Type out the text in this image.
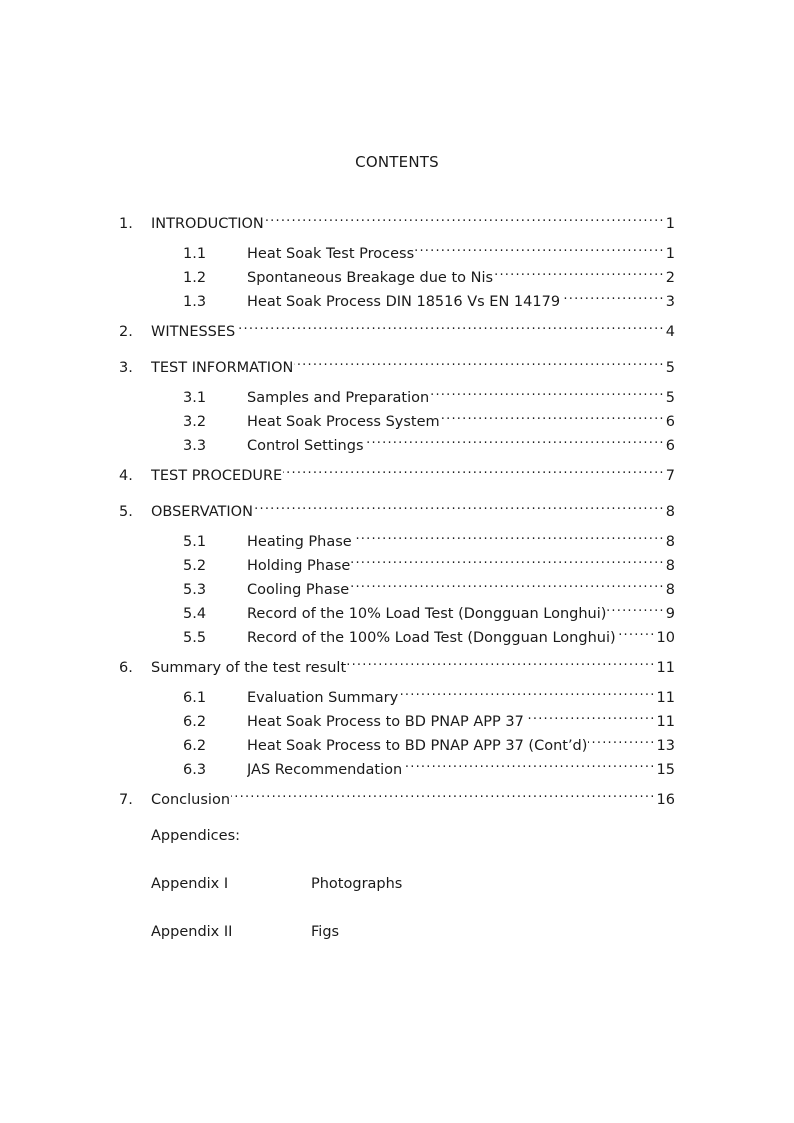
CONTENTS
1.	INTRODUCTION .....	1
1.1	Heat Soak Test Process .....	1
1.2	Spontaneous Breakage due to Nis .....	2
1.3	Heat Soak Process DIN 18516 Vs EN 14179 .....	3
2.	WITNESSES .....	4
3.	TEST INFORMATION .....	5
3.1	Samples and Preparation .....	5
3.2	Heat Soak Process System .....	6
3.3	Control Settings .....	6
4.	TEST PROCEDURE .....	7
5.	OBSERVATION .....	8
5.1	Heating Phase .....	8
5.2	Holding Phase .....	8
5.3	Cooling Phase .....	8
5.4	Record of the 10% Load Test (Dongguan Longhui) .....	9
5.5	Record of the 100% Load Test (Dongguan Longhui) .....	10
6.	Summary of the test result .....	11
6.1	Evaluation Summary .....	11
6.2	Heat Soak Process to BD PNAP APP 37 .....	11
6.2	Heat Soak Process to BD PNAP APP 37 (Cont’d) .....	13
6.3	JAS Recommendation .....	15
7.	Conclusion .....	16
Appendices:
Appendix I	Photographs
Appendix II	Figs
